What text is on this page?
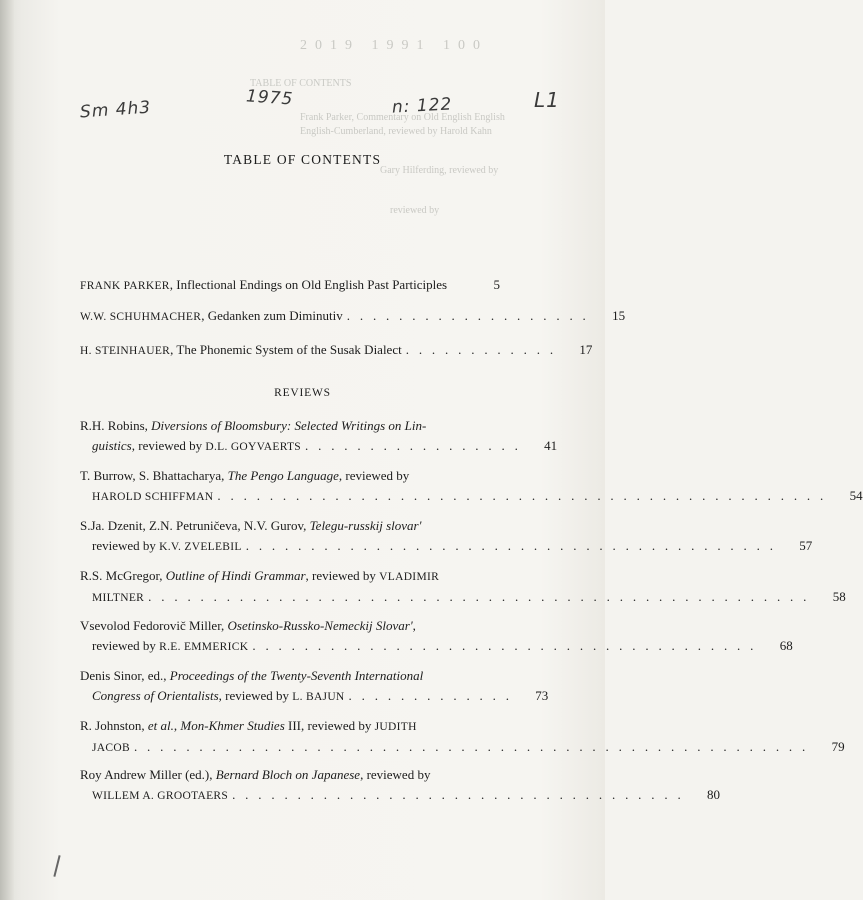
2019 1991 100
TABLE OF CONTENTS
Frank Parker, Commentary on Old English English
English-Cumberland, reviewed by Harold Kahn
Gary Hilferding, reviewed by
reviewed by
Sm 4h3	1975	n: 122	L1
TABLE OF CONTENTS
FRANK PARKER, Inflectional Endings on Old English Past Participles	5
W.W. SCHUHMACHER, Gedanken zum Diminutiv . . . . . . . . . . . . . . . . . . .	15
H. STEINHAUER, The Phonemic System of the Susak Dialect . . . . . . . . . . . .	17
REVIEWS
R.H. Robins, Diversions of Bloomsbury: Selected Writings on Lin-
guistics, reviewed by D.L. GOYVAERTS . . . . . . . . . . . . . . . . .	41
T. Burrow, S. Bhattacharya, The Pengo Language, reviewed by
HAROLD SCHIFFMAN . . . . . . . . . . . . . . . . . . . . . . . . . . . . . . . . . . . . . . . . . . . . . . .	54
S.Ja. Dzenit, Z.N. Petruničeva, N.V. Gurov, Telegu-russkij slovar'
reviewed by K.V. ZVELEBIL . . . . . . . . . . . . . . . . . . . . . . . . . . . . . . . . . . . . . . . . .	57
R.S. McGregor, Outline of Hindi Grammar, reviewed by VLADIMIR
MILTNER . . . . . . . . . . . . . . . . . . . . . . . . . . . . . . . . . . . . . . . . . . . . . . . . . . .	58
Vsevolod Fedorovič Miller, Osetinsko-Russko-Nemeckij Slovar',
reviewed by R.E. EMMERICK . . . . . . . . . . . . . . . . . . . . . . . . . . . . . . . . . . . . . . .	68
Denis Sinor, ed., Proceedings of the Twenty-Seventh International
Congress of Orientalists, reviewed by L. BAJUN . . . . . . . . . . . . .	73
R. Johnston, et al., Mon-Khmer Studies III, reviewed by JUDITH
JACOB . . . . . . . . . . . . . . . . . . . . . . . . . . . . . . . . . . . . . . . . . . . . . . . . . . . .	79
Roy Andrew Miller (ed.), Bernard Bloch on Japanese, reviewed by
WILLEM A. GROOTAERS . . . . . . . . . . . . . . . . . . . . . . . . . . . . . . . . . . .	80
